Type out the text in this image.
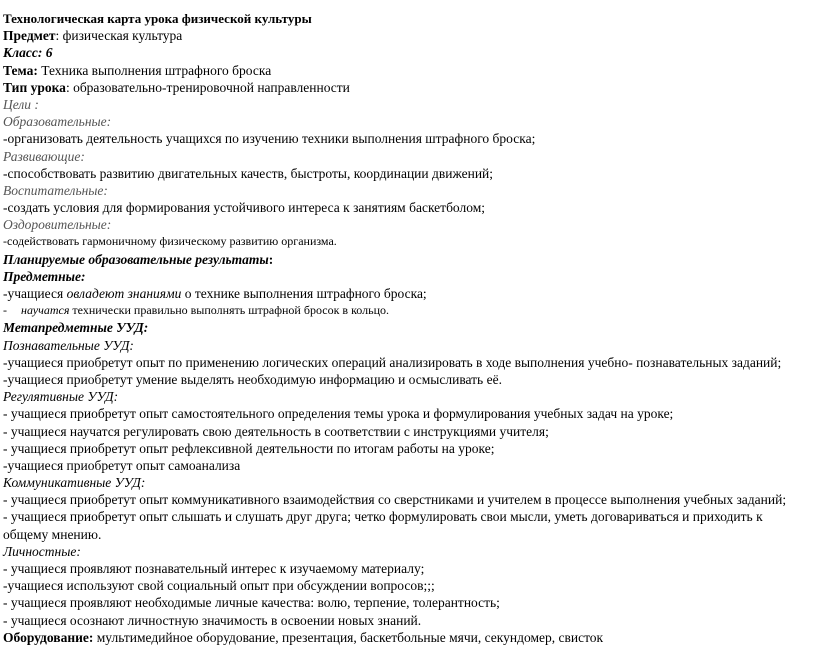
Технологическая карта урока физической культуры
Предмет: физическая культура
Класс: 6
Тема: Техника выполнения штрафного броска
Тип урока: образовательно-тренировочной направленности
Цели :
Образовательные:
-организовать деятельность учащихся по изучению техники выполнения штрафного броска;
Развивающие:
-способствовать развитию двигательных качеств, быстроты, координации движений;
Воспитательные:
-создать условия для формирования устойчивого интереса к занятиям баскетболом;
Оздоровительные:
-содействовать гармоничному физическому развитию организма.
Планируемые образовательные результаты:
Предметные:
-учащиеся овладеют знаниями о технике выполнения штрафного броска;
- научатся технически правильно выполнять штрафной бросок в кольцо.
Метапредметные УУД:
Познавательные УУД:
-учащиеся приобретут опыт по применению логических операций анализировать в ходе выполнения учебно- познавательных заданий;
-учащиеся приобретут умение выделять необходимую информацию и осмысливать её.
Регулятивные УУД:
- учащиеся приобретут опыт самостоятельного определения темы урока и формулирования учебных задач на уроке;
- учащиеся научатся регулировать свою деятельность в соответствии с инструкциями учителя;
- учащиеся приобретут опыт рефлексивной деятельности по итогам работы на уроке;
-учащиеся приобретут опыт самоанализа
Коммуникативные УУД:
- учащиеся приобретут опыт коммуникативного взаимодействия со сверстниками и учителем в процессе выполнения учебных заданий;
- учащиеся приобретут опыт слышать и слушать друг друга; четко формулировать свои мысли, уметь договариваться и приходить к общему мнению.
Личностные:
- учащиеся проявляют познавательный интерес к изучаемому материалу;
-учащиеся используют свой социальный опыт при обсуждении вопросов;;;
- учащиеся проявляют необходимые личные качества: волю, терпение, толерантность;
- учащиеся осознают личностную значимость в освоении новых знаний.
Оборудование: мультимедийное оборудование, презентация, баскетбольные мячи, секундомер, свисток
